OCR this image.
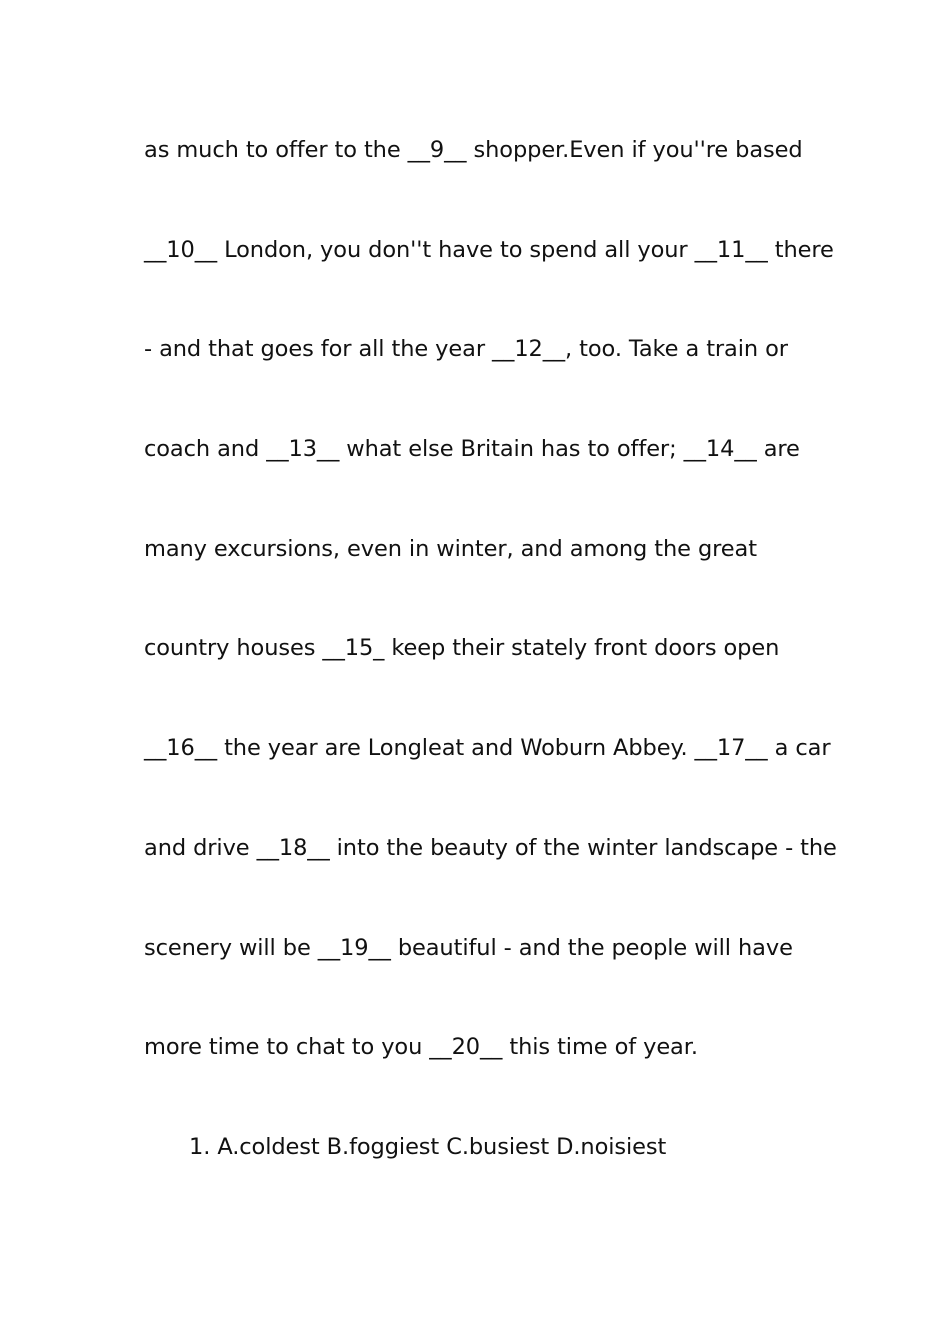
as much to offer to the __9__ shopper.Even if you''re based
__10__ London, you don''t have to spend all your __11__ there
- and that goes for all the year __12__, too. Take a train or
coach and __13__ what else Britain has to offer; __14__ are
many excursions, even in winter, and among the great
country houses __15_ keep their stately front doors open
__16__ the year are Longleat and Woburn Abbey. __17__ a car
and drive __18__ into the beauty of the winter landscape - the
scenery will be __19__ beautiful - and the people will have
more time to chat to you __20__ this time of year.
1. A.coldest B.foggiest C.busiest D.noisiest
